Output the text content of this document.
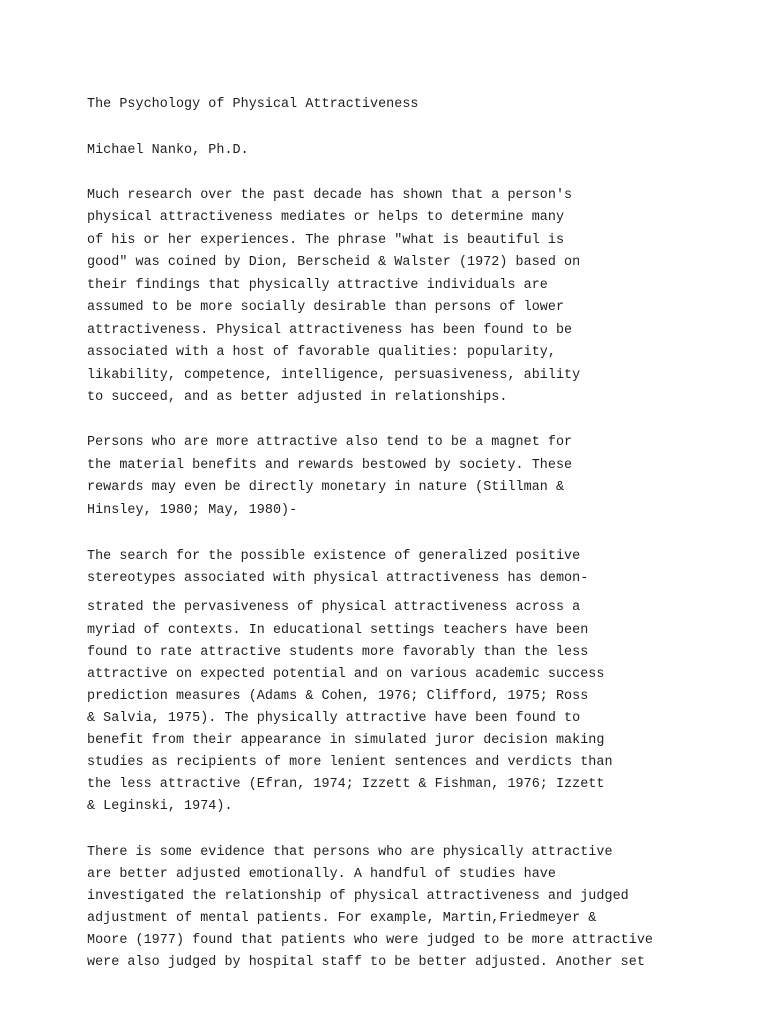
The Psychology of Physical Attractiveness

Michael Nanko, Ph.D.

Much research over the past decade has shown that a person's

physical attractiveness mediates or helps to determine many

of his or her experiences. The phrase "what is beautiful is

good" was coined by Dion, Berscheid & Walster (1972) based on

their findings that physically attractive individuals are

assumed to be more socially desirable than persons of lower

attractiveness. Physical attractiveness has been found to be

associated with a host of favorable qualities: popularity,

likability, competence, intelligence, persuasiveness, ability

to succeed, and as better adjusted in relationships.

Persons who are more attractive also tend to be a magnet for

the material benefits and rewards bestowed by society. These

rewards may even be directly monetary in nature (Stillman &

Hinsley, 1980; May, 1980)-

The search for the possible existence of generalized positive

stereotypes associated with physical attractiveness has demon-

strated the pervasiveness of physical attractiveness across a

myriad of contexts. In educational settings teachers have been

found to rate attractive students more favorably than the less

attractive on expected potential and on various academic success

prediction measures (Adams & Cohen, 1976; Clifford, 1975; Ross

& Salvia, 1975). The physically attractive have been found to

benefit from their appearance in simulated juror decision making

studies as recipients of more lenient sentences and verdicts than

the less attractive (Efran, 1974; Izzett & Fishman, 1976; Izzett

& Leginski, 1974).

There is some evidence that persons who are physically attractive

are better adjusted emotionally. A handful of studies have

investigated the relationship of physical attractiveness and judged

adjustment of mental patients. For example, Martin,Friedmeyer &

Moore (1977) found that patients who were judged to be more attractive

were also judged by hospital staff to be better adjusted. Another set
